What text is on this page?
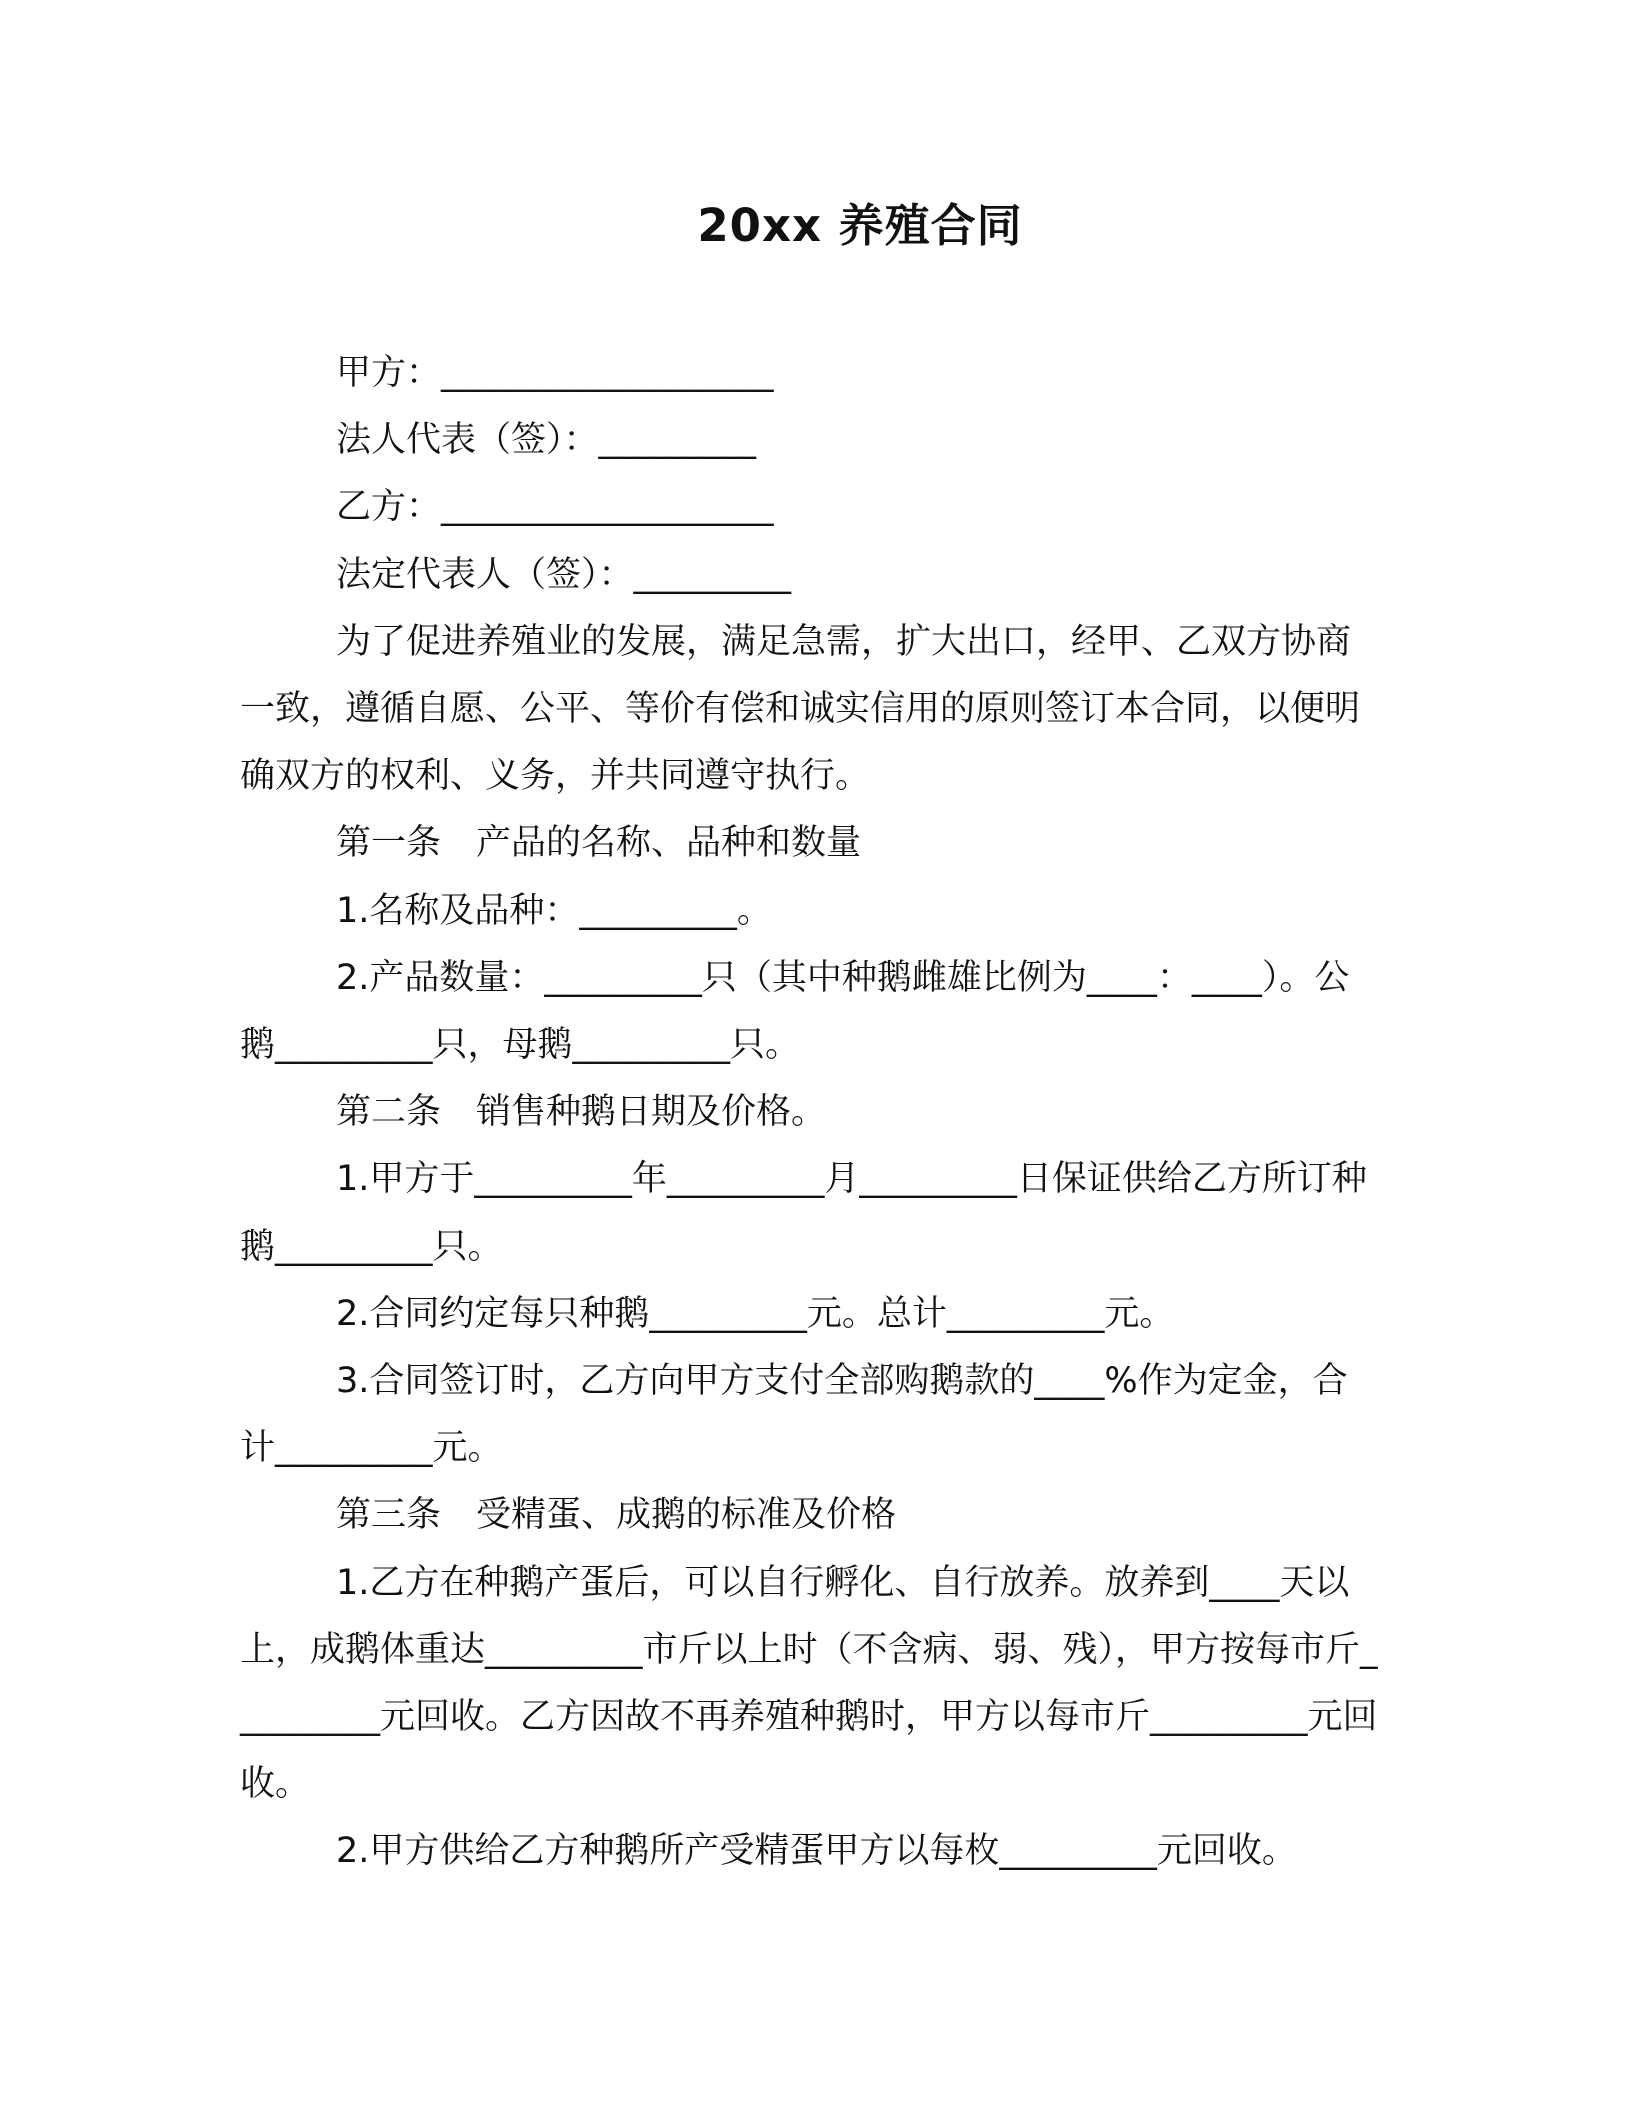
20xx 养殖合同

甲方：___________________

法人代表（签）：_________

乙方：___________________

法定代表人（签）：_________

为了促进养殖业的发展，满足急需，扩大出口，经甲、乙双方协商一致，遵循自愿、公平、等价有偿和诚实信用的原则签订本合同，以便明确双方的权利、义务，并共同遵守执行。

第一条　产品的名称、品种和数量

1.名称及品种：_________。

2.产品数量：_________只（其中种鹅雌雄比例为____：____）。公鹅_________只，母鹅_________只。

第二条　销售种鹅日期及价格。

1.甲方于_________年_________月_________日保证供给乙方所订种鹅_________只。

2.合同约定每只种鹅_________元。总计_________元。

3.合同签订时，乙方向甲方支付全部购鹅款的____%作为定金，合计_________元。

第三条　受精蛋、成鹅的标准及价格

1.乙方在种鹅产蛋后，可以自行孵化、自行放养。放养到____天以上，成鹅体重达_________市斤以上时（不含病、弱、残），甲方按每市斤_________元回收。乙方因故不再养殖种鹅时，甲方以每市斤_________元回收。

2.甲方供给乙方种鹅所产受精蛋甲方以每枚_________元回收。
